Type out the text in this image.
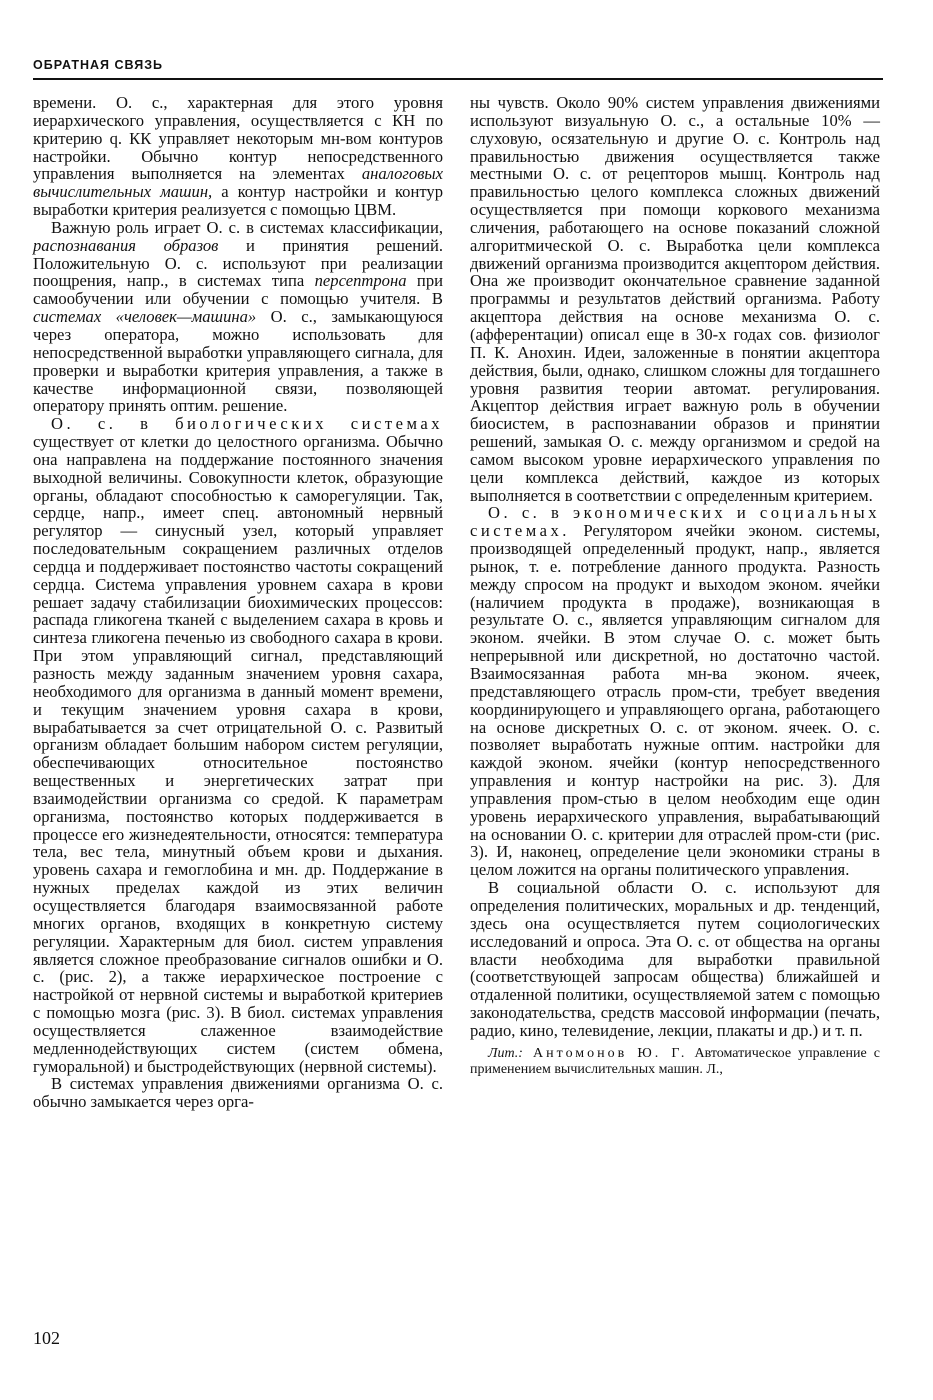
ОБРАТНАЯ СВЯЗЬ

времени. О. с., характерная для этого уровня иерархического управления, осуществляется с КН по критерию q. КК управляет некоторым мн-вом контуров настройки. Обычно контур непосредственного управления выполняется на элементах аналоговых вычислительных машин, а контур настройки и контур выработки критерия реализуется с помощью ЦВМ.

Важную роль играет О. с. в системах классификации, распознавания образов и принятия решений. Положительную О. с. используют при реализации поощрения, напр., в системах типа персептрона при самообучении или обучении с помощью учителя. В системах «человек—машина» О. с., замыкающуюся через оператора, можно использовать для непосредственной выработки управляющего сигнала, для проверки и выработки критерия управления, а также в качестве информационной связи, позволяющей оператору принять оптим. решение.

О. с. в биологических системах существует от клетки до целостного организма. Обычно она направлена на поддержание постоянного значения выходной величины. Совокупности клеток, образующие органы, обладают способностью к саморегуляции. Так, сердце, напр., имеет спец. автономный нервный регулятор — синусный узел, который управляет последовательным сокращением различных отделов сердца и поддерживает постоянство частоты сокращений сердца. Система управления уровнем сахара в крови решает задачу стабилизации биохимических процессов: распада гликогена тканей с выделением сахара в кровь и синтеза гликогена печенью из свободного сахара в крови. При этом управляющий сигнал, представляющий разность между заданным значением уровня сахара, необходимого для организма в данный момент времени, и текущим значением уровня сахара в крови, вырабатывается за счет отрицательной О. с. Развитый организм обладает большим набором систем регуляции, обеспечивающих относительное постоянство вещественных и энергетических затрат при взаимодействии организма со средой. К параметрам организма, постоянство которых поддерживается в процессе его жизнедеятельности, относятся: температура тела, вес тела, минутный объем крови и дыхания. уровень сахара и гемоглобина и мн. др. Поддержание в нужных пределах каждой из этих величин осуществляется благодаря взаимосвязанной работе многих органов, входящих в конкретную систему регуляции. Характерным для биол. систем управления является сложное преобразование сигналов ошибки и О. с. (рис. 2), а также иерархическое построение с настройкой от нервной системы и выработкой критериев с помощью мозга (рис. 3). В биол. системах управления осуществляется слаженное взаимодействие медленнодействующих систем (систем обмена, гуморальной) и быстродействующих (нервной системы).

В системах управления движениями организма О. с. обычно замыкается через орга-

ны чувств. Около 90% систем управления движениями используют визуальную О. с., а остальные 10% — слуховую, осязательную и другие О. с. Контроль над правильностью движения осуществляется также местными О. с. от рецепторов мышц. Контроль над правильностью целого комплекса сложных движений осуществляется при помощи коркового механизма сличения, работающего на основе показаний сложной алгоритмической О. с. Выработка цели комплекса движений организма производится акцептором действия. Она же производит окончательное сравнение заданной программы и результатов действий организма. Работу акцептора действия на основе механизма О. с. (афферентации) описал еще в 30-х годах сов. физиолог П. К. Анохин. Идеи, заложенные в понятии акцептора действия, были, однако, слишком сложны для тогдашнего уровня развития теории автомат. регулирования. Акцептор действия играет важную роль в обучении биосистем, в распознавании образов и принятии решений, замыкая О. с. между организмом и средой на самом высоком уровне иерархического управления по цели комплекса действий, каждое из которых выполняется в соответствии с определенным критерием.

О. с. в экономических и социальных системах. Регулятором ячейки эконом. системы, производящей определенный продукт, напр., является рынок, т. е. потребление данного продукта. Разность между спросом на продукт и выходом эконом. ячейки (наличием продукта в продаже), возникающая в результате О. с., является управляющим сигналом для эконом. ячейки. В этом случае О. с. может быть непрерывной или дискретной, но достаточно частой. Взаимосязанная работа мн-ва эконом. ячеек, представляющего отрасль пром-сти, требует введения координирующего и управляющего органа, работающего на основе дискретных О. с. от эконом. ячеек. О. с. позволяет выработать нужные оптим. настройки для каждой эконом. ячейки (контур непосредственного управления и контур настройки на рис. 3). Для управления пром-стью в целом необходим еще один уровень иерархического управления, вырабатывающий на основании О. с. критерии для отраслей пром-сти (рис. 3). И, наконец, определение цели экономики страны в целом ложится на органы политического управления.

В социальной области О. с. используют для определения политических, моральных и др. тенденций, здесь она осуществляется путем социологических исследований и опроса. Эта О. с. от общества на органы власти необходима для выработки правильной (соответствующей запросам общества) ближайшей и отдаленной политики, осуществляемой затем с помощью законодательства, средств массовой информации (печать, радио, кино, телевидение, лекции, плакаты и др.) и т. п.

Лит.: Антомонов Ю. Г. Автоматическое управление с применением вычислительных машин. Л.,

102
